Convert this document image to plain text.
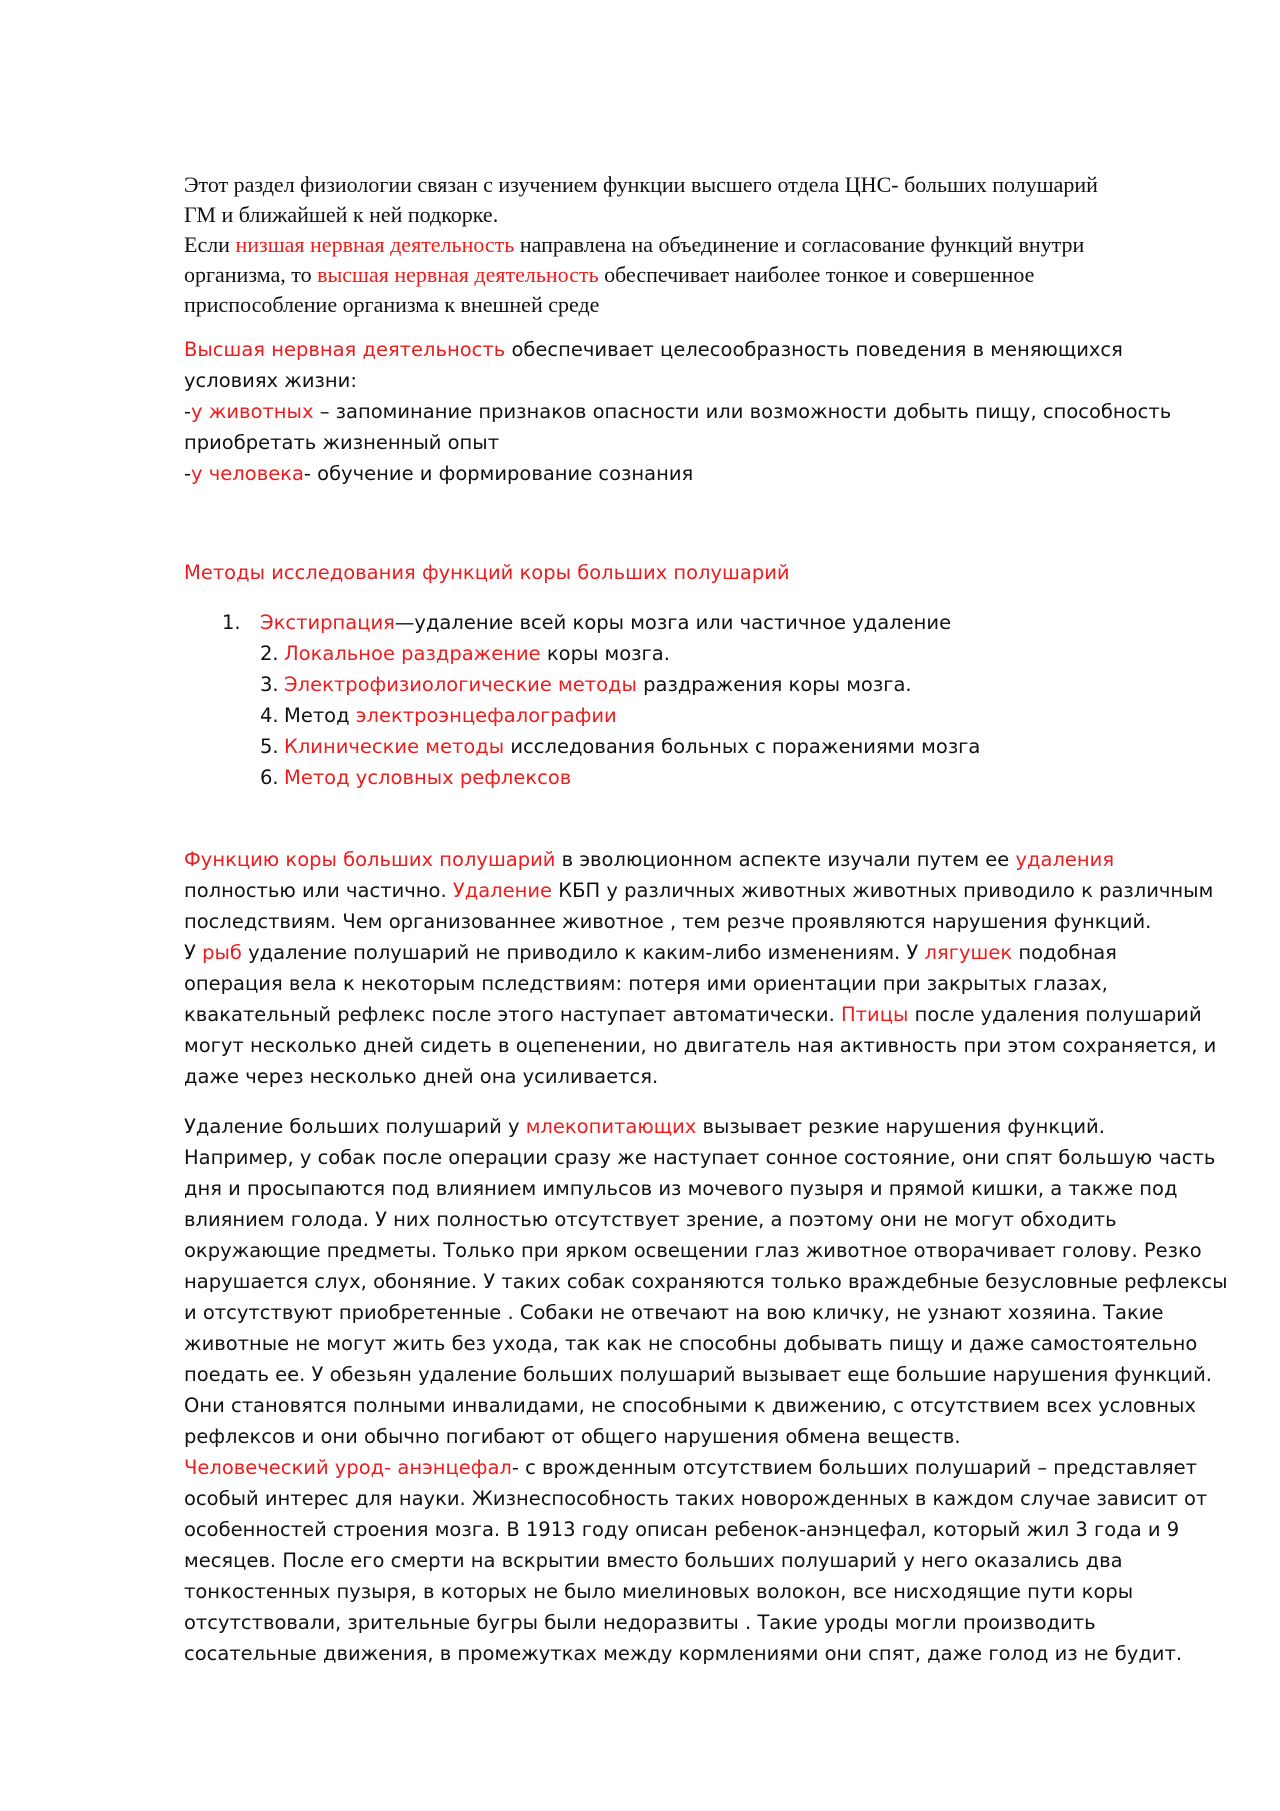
Этот раздел физиологии связан с изучением функции высшего отдела ЦНС- больших полушарий
ГМ и ближайшей к ней подкорке.
Если низшая нервная деятельность направлена на объединение и согласование функций внутри
организма, то высшая нервная деятельность обеспечивает наиболее тонкое и совершенное
приспособление организма к внешней среде
Высшая нервная деятельность обеспечивает целесообразность поведения в меняющихся
условиях жизни:
-у животных – запоминание признаков опасности или возможности добыть пищу, способность
приобретать жизненный опыт
-у человека- обучение и формирование сознания

Методы исследования функций коры больших полушарий

1. Экстирпация—удаление всей коры мозга или частичное удаление
2. Локальное раздражение коры мозга.
3. Электрофизиологические методы раздражения коры мозга.
4. Метод электроэнцефалографии
5. Клинические методы исследования больных с поражениями мозга
6. Метод условных рефлексов
Функцию коры больших полушарий в эволюционном аспекте изучали путем ее удаления
полностью или частично. Удаление КБП у различных животных животных приводило к различным
последствиям. Чем организованнее животное , тем резче проявляются нарушения функций.
У рыб удаление полушарий не приводило к каким-либо изменениям. У лягушек подобная
операция вела к некоторым пследствиям: потеря ими ориентации при закрытых глазах,
квакательный рефлекс после этого наступает автоматически. Птицы после удаления полушарий
могут несколько дней сидеть в оцепенении, но двигатель ная активность при этом сохраняется, и
даже через несколько дней она усиливается.
Удаление больших полушарий у млекопитающих вызывает резкие нарушения функций.
Например, у собак после операции сразу же наступает сонное состояние, они спят большую часть
дня и просыпаются под влиянием импульсов из мочевого пузыря и прямой кишки, а также под
влиянием голода. У них полностью отсутствует зрение, а поэтому они не могут обходить
окружающие предметы. Только при ярком освещении глаз животное отворачивает голову. Резко
нарушается слух, обоняние. У таких собак сохраняются только враждебные безусловные рефлексы
и отсутствуют приобретенные . Собаки не отвечают на вою кличку, не узнают хозяина. Такие
животные не могут жить без ухода, так как не способны добывать пищу и даже самостоятельно
поедать ее. У обезьян удаление больших полушарий вызывает еще большие нарушения функций.
Они становятся полными инвалидами, не способными к движению, с отсутствием всех условных
рефлексов и они обычно погибают от общего нарушения обмена веществ.
Человеческий урод- анэнцефал- с врожденным отсутствием больших полушарий – представляет
особый интерес для науки. Жизнеспособность таких новорожденных в каждом случае зависит от
особенностей строения мозга. В 1913 году описан ребенок-анэнцефал, который жил 3 года и 9
месяцев. После его смерти на вскрытии вместо больших полушарий у него оказались два
тонкостенных пузыря, в которых не было миелиновых волокон, все нисходящие пути коры
отсутствовали, зрительные бугры были недоразвиты . Такие уроды могли производить
сосательные движения, в промежутках между кормлениями они спят, даже голод из не будит.
